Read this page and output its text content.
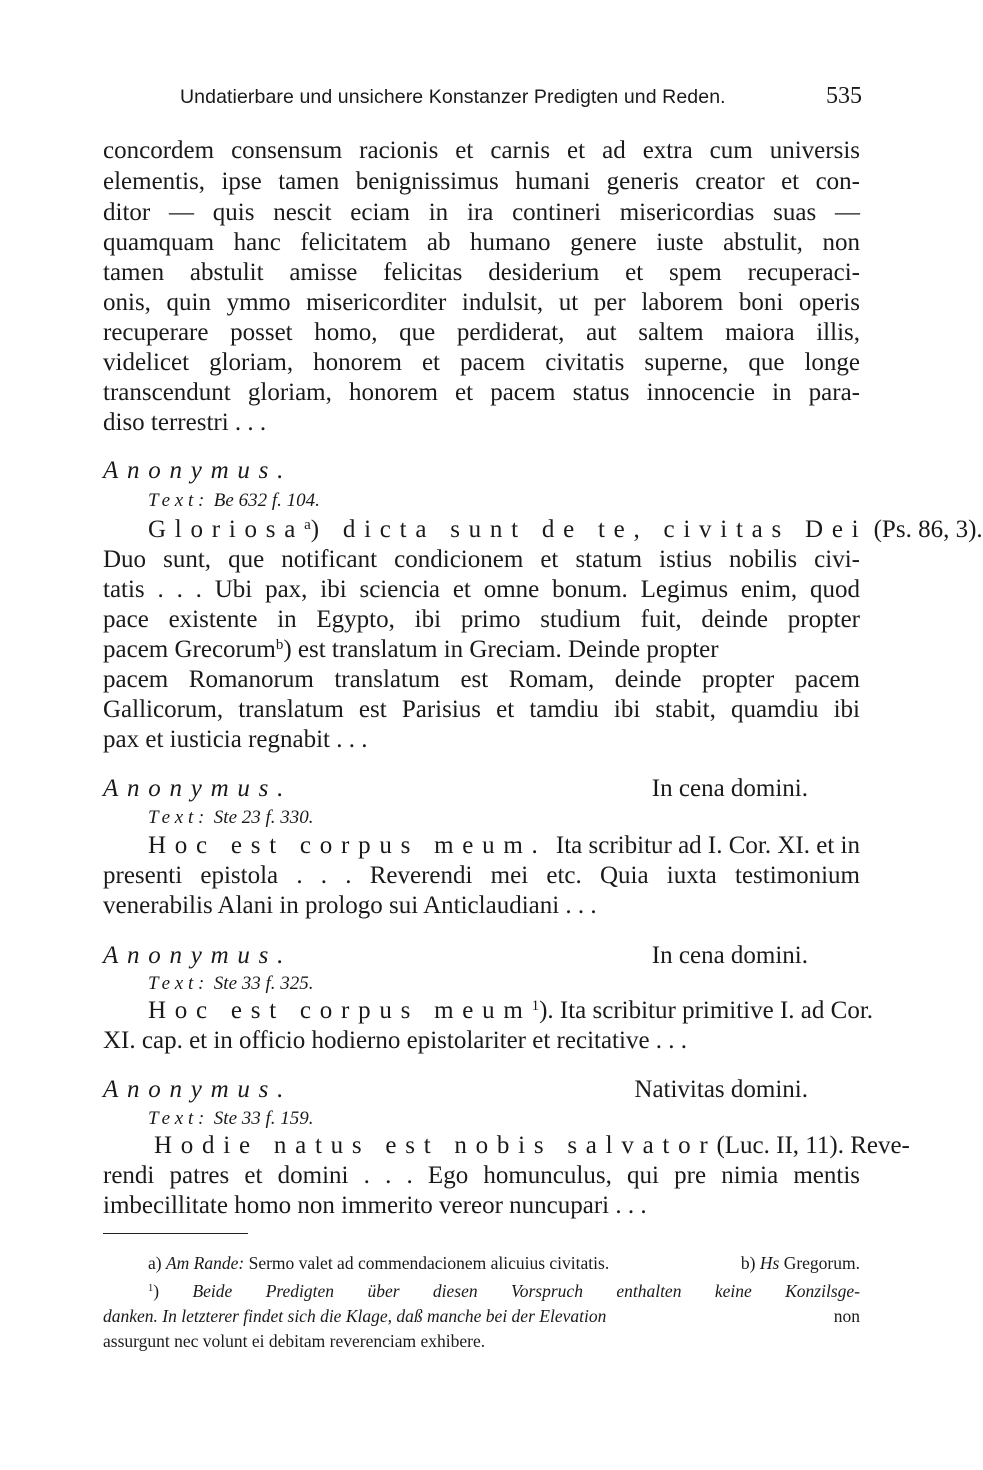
Undatierbare und unsichere Konstanzer Predigten und Reden.	535
concordem consensum racionis et carnis et ad extra cum universis
elementis, ipse tamen benignissimus humani generis creator et con-
ditor — quis nescit eciam in ira contineri misericordias suas —
quamquam hanc felicitatem ab humano genere iuste abstulit, non
tamen abstulit amisse felicitas desiderium et spem recuperaci-
onis, quin ymmo misericorditer indulsit, ut per laborem boni operis
recuperare posset homo, que perdiderat, aut saltem maiora illis,
videlicet gloriam, honorem et pacem civitatis superne, que longe
transcendunt gloriam, honorem et pacem status innocencie in para-
diso terrestri . . .
Anonymus.
Text: Be 632 f. 104.
Gloriosa$^a$) dicta sunt de te, civitas Dei (Ps. 86, 3).
Duo sunt, que notificant condicionem et statum istius nobilis civi-
tatis . . . Ubi pax, ibi sciencia et omne bonum. Legimus enim, quod
pace existente in Egypto, ibi primo studium fuit, deinde propter
pacem Grecorum$^b$) est translatum in Greciam. Deinde propter
pacem Romanorum translatum est Romam, deinde propter pacem
Gallicorum, translatum est Parisius et tamdiu ibi stabit, quamdiu ibi
pax et iusticia regnabit . . .
Anonymus.	In cena domini.
Text: Ste 23 f. 330.
Hoc est corpus meum. Ita scribitur ad I. Cor. XI. et in
presenti epistola . . . Reverendi mei etc. Quia iuxta testimonium
venerabilis Alani in prologo sui Anticlaudiani . . .
Anonymus.	In cena domini.
Text: Ste 33 f. 325.
Hoc est corpus meum$^1$ ). Ita scribitur primitive I. ad Cor.
XI. cap. et in officio hodierno epistolariter et recitative . . .
Anonymus.	Nativitas domini.
Text: Ste 33 f. 159.
Hodie natus est nobis salvator (Luc. II, 11). Reve-
rendi patres et domini . . . Ego homunculus, qui pre nimia mentis
imbecillitate homo non immerito vereor nuncupari . . .
a) Am Rande: Sermo valet ad commendacionem alicuius civitatis.	b) Hs Gregorum.
$^1$) Beide Predigten über diesen Vorspruch enthalten keine Konzilsge-
danken. In letzterer findet sich die Klage, daß manche bei der Elevation	non
assurgunt nec volunt ei debitam reverenciam exhibere.
